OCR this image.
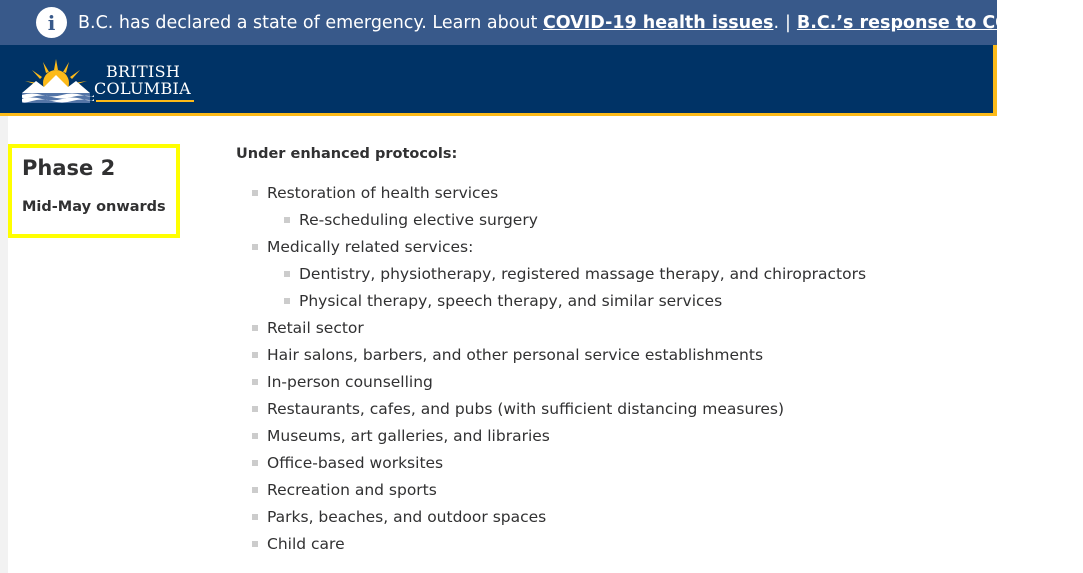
i	B.C. has declared a state of emergency. Learn about
COVID-19 health issues . | B.C.’s response to COVID-19.
BRITISH
COLUMBIA
Phase 2
Mid-May onwards
Under enhanced protocols:
Restoration of health services
Re-scheduling elective surgery
Medically related services:
Dentistry, physiotherapy, registered massage therapy, and chiropractors
Physical therapy, speech therapy, and similar services
Retail sector
Hair salons, barbers, and other personal service establishments
In-person counselling
Restaurants, cafes, and pubs (with sufficient distancing measures)
Museums, art galleries, and libraries
Office-based worksites
Recreation and sports
Parks, beaches, and outdoor spaces
Child care
